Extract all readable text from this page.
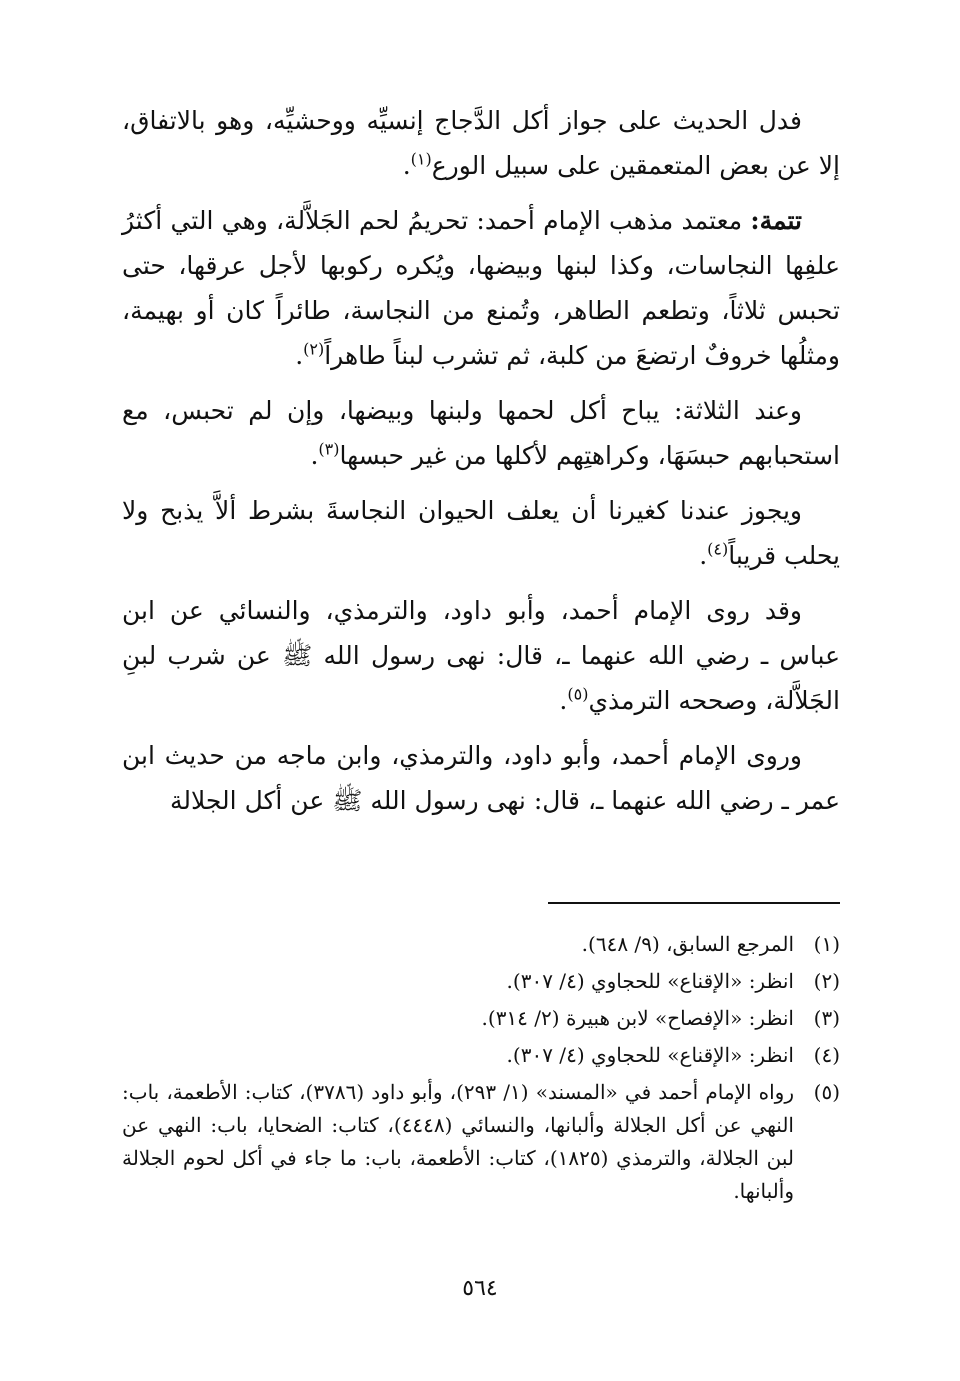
فدل الحديث على جواز أكل الدَّجاج إنسيِّه ووحشيِّه، وهو بالاتفاق، إلا عن بعض المتعمقين على سبيل الورع$^{(١)}$.

تتمة: معتمد مذهب الإمام أحمد: تحريمُ لحم الجَلاَّلة، وهي التي أكثرُ علفِها النجاسات، وكذا لبنها وبيضها، ويُكره ركوبها لأجل عرقها، حتى تحبس ثلاثاً، وتطعم الطاهر، وتُمنع من النجاسة، طائراً كان أو بهيمة، ومثلُها خروفٌ ارتضعَ من كلبة، ثم تشرب لبناً طاهراً$^{(٢)}$.

وعند الثلاثة: يباح أكل لحمها ولبنها وبيضها، وإن لم تحبس، مع استحبابهم حبسَهَا، وكراهتِهم لأكلها من غير حبسها$^{(٣)}$.

ويجوز عندنا كغيرنا أن يعلف الحيوان النجاسةَ بشرط ألاَّ يذبح ولا يحلب قريباً$^{(٤)}$.

وقد روى الإمام أحمد، وأبو داود، والترمذي، والنسائي عن ابن عباس ـ رضي الله عنهما ـ، قال: نهى رسول الله ﷺ عن شرب لبنِ الجَلاَّلة، وصححه الترمذي$^{(٥)}$.

وروى الإمام أحمد، وأبو داود، والترمذي، وابن ماجه من حديث ابن عمر ـ رضي الله عنهما ـ، قال: نهى رسول الله ﷺ عن أكل الجلالة

(١)
المرجع السابق، (٩/ ٦٤٨).
(٢)
انظر: «الإقناع» للحجاوي (٤/ ٣٠٧).
(٣)
انظر: «الإفصاح» لابن هبيرة (٢/ ٣١٤).
(٤)
انظر: «الإقناع» للحجاوي (٤/ ٣٠٧).
(٥)
رواه الإمام أحمد في «المسند» (١/ ٢٩٣)، وأبو داود (٣٧٨٦)، كتاب: الأطعمة، باب: النهي عن أكل الجلالة وألبانها، والنسائي (٤٤٤٨)، كتاب: الضحايا، باب: النهي عن لبن الجلالة، والترمذي (١٨٢٥)، كتاب: الأطعمة، باب: ما جاء في أكل لحوم الجلالة وألبانها.
٥٦٤
